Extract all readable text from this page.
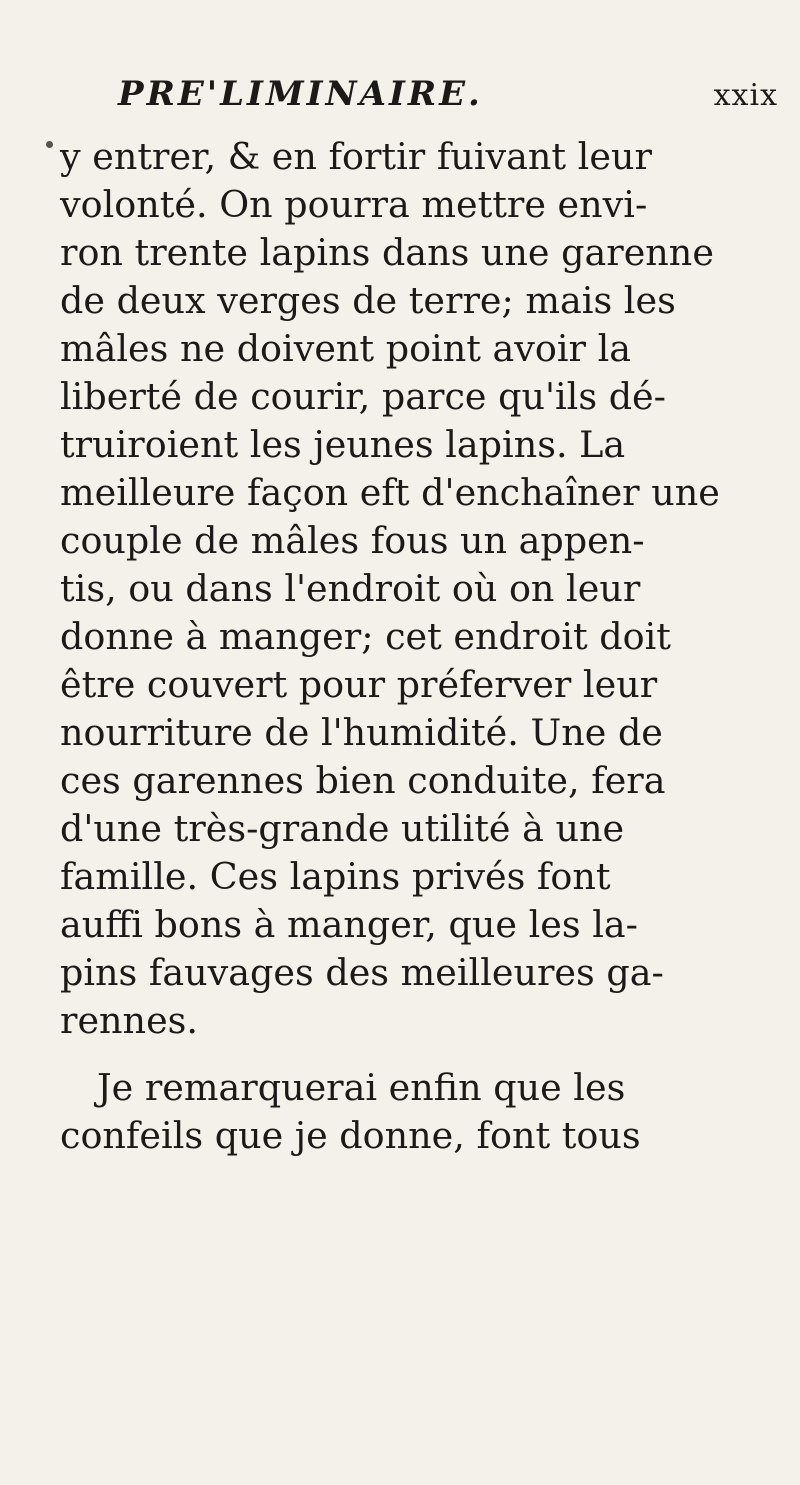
PRE'LIMINAIRE.	xxix
y entrer, & en fortir fuivant leur
volonté. On pourra mettre envi-
ron trente lapins dans une garenne
de deux verges de terre; mais les
mâles ne doivent point avoir la
liberté de courir, parce qu'ils dé-
truiroient les jeunes lapins. La
meilleure façon eft d'enchaîner une
couple de mâles fous un appen-
tis, ou dans l'endroit où on leur
donne à manger; cet endroit doit
être couvert pour préferver leur
nourriture de l'humidité. Une de
ces garennes bien conduite, fera
d'une très-grande utilité à une
famille. Ces lapins privés font
auffi bons à manger, que les la-
pins fauvages des meilleures ga-
rennes.
Je remarquerai enfin que les
confeils que je donne, font tous
